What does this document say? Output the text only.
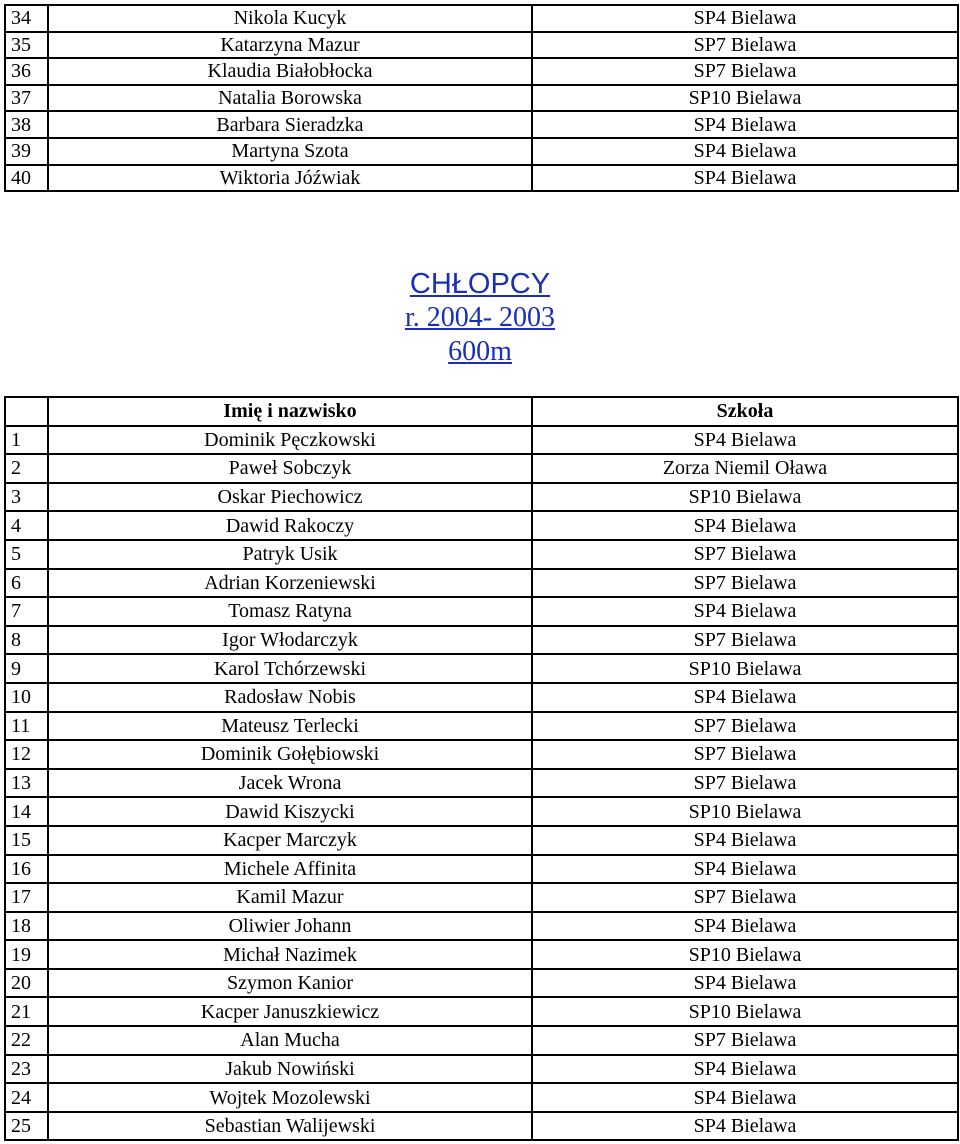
34	Nikola Kucyk	SP4 Bielawa
35	Katarzyna Mazur	SP7 Bielawa
36	Klaudia Białobłocka	SP7 Bielawa
37	Natalia Borowska	SP10 Bielawa
38	Barbara Sieradzka	SP4 Bielawa
39	Martyna Szota	SP4 Bielawa
40	Wiktoria Jóźwiak	SP4 Bielawa
CHŁOPCY
r. 2004- 2003
600m
	Imię i nazwisko	Szkoła
1	Dominik Pęczkowski	SP4 Bielawa
2	Paweł Sobczyk	Zorza Niemil Oława
3	Oskar Piechowicz	SP10 Bielawa
4	Dawid Rakoczy	SP4 Bielawa
5	Patryk Usik	SP7 Bielawa
6	Adrian Korzeniewski	SP7 Bielawa
7	Tomasz Ratyna	SP4 Bielawa
8	Igor Włodarczyk	SP7 Bielawa
9	Karol Tchórzewski	SP10 Bielawa
10	Radosław Nobis	SP4 Bielawa
11	Mateusz Terlecki	SP7 Bielawa
12	Dominik Gołębiowski	SP7 Bielawa
13	Jacek Wrona	SP7 Bielawa
14	Dawid Kiszycki	SP10 Bielawa
15	Kacper Marczyk	SP4 Bielawa
16	Michele Affinita	SP4 Bielawa
17	Kamil Mazur	SP7 Bielawa
18	Oliwier Johann	SP4 Bielawa
19	Michał Nazimek	SP10 Bielawa
20	Szymon Kanior	SP4 Bielawa
21	Kacper Januszkiewicz	SP10 Bielawa
22	Alan Mucha	SP7 Bielawa
23	Jakub Nowiński	SP4 Bielawa
24	Wojtek Mozolewski	SP4 Bielawa
25	Sebastian Walijewski	SP4 Bielawa
